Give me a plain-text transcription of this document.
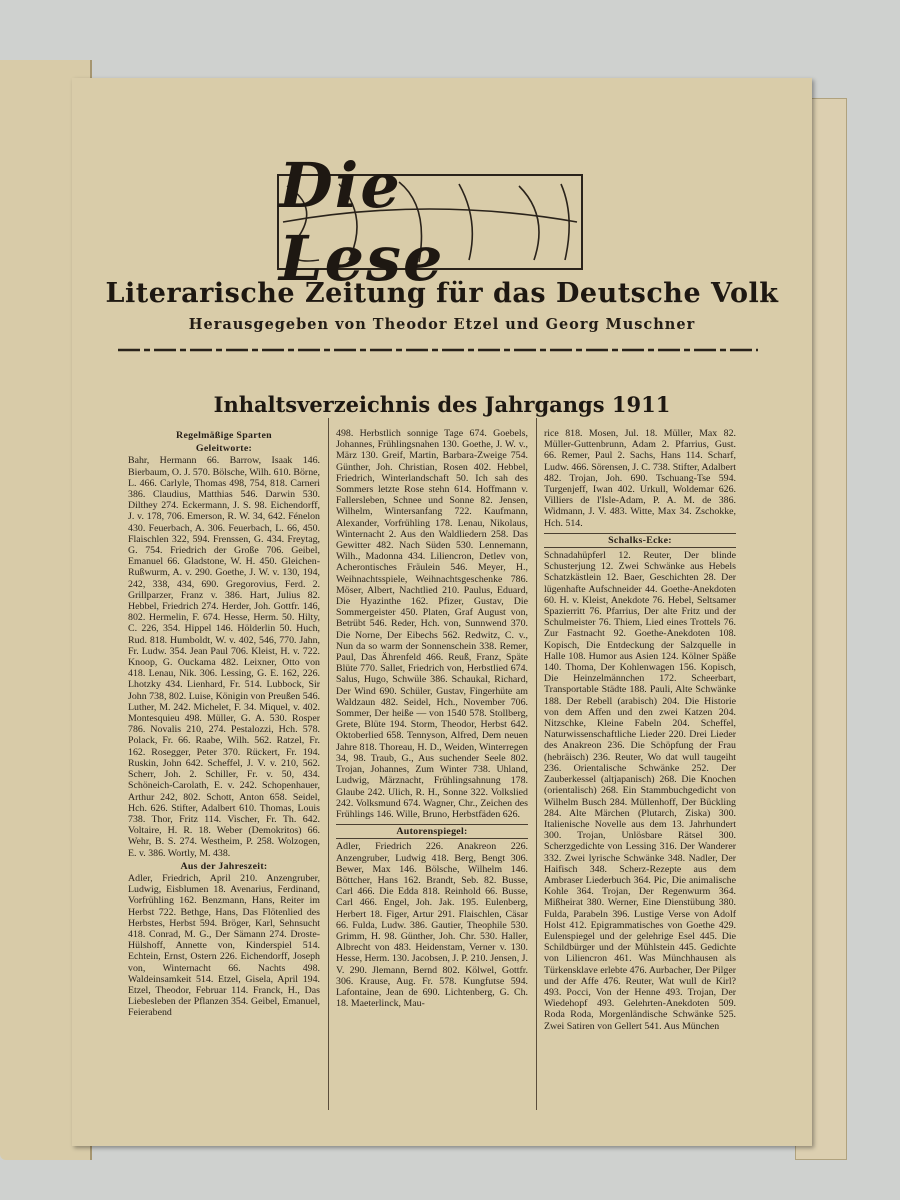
Die Lese
Literarische Zeitung für das Deutsche Volk
Herausgegeben von Theodor Etzel und Georg Muschner
Inhaltsverzeichnis des Jahrgangs 1911

Regelmäßige Sparten

Geleitworte:

Bahr, Hermann 66. Barrow, Isaak 146. Bierbaum, O. J. 570. Bölsche, Wilh. 610. Börne, L. 466. Carlyle, Thomas 498, 754, 818. Carneri 386. Claudius, Matthias 546. Darwin 530. Dilthey 274. Eckermann, J. S. 98. Eichendorff, J. v. 178, 706. Emerson, R. W. 34, 642. Fénelon 430. Feuerbach, A. 306. Feuerbach, L. 66, 450. Flaischlen 322, 594. Frenssen, G. 434. Freytag, G. 754. Friedrich der Große 706. Geibel, Emanuel 66. Gladstone, W. H. 450. Gleichen-Rußwurm, A. v. 290. Goethe, J. W. v. 130, 194, 242, 338, 434, 690. Gregorovius, Ferd. 2. Grillparzer, Franz v. 386. Hart, Julius 82. Hebbel, Friedrich 274. Herder, Joh. Gottfr. 146, 802. Hermelin, F. 674. Hesse, Herm. 50. Hilty, C. 226, 354. Hippel 146. Hölderlin 50. Huch, Rud. 818. Humboldt, W. v. 402, 546, 770. Jahn, Fr. Ludw. 354. Jean Paul 706. Kleist, H. v. 722. Knoop, G. Ouckama 482. Leixner, Otto von 418. Lenau, Nik. 306. Lessing, G. E. 162, 226. Lhotzky 434. Lienhard, Fr. 514. Lubbock, Sir John 738, 802. Luise, Königin von Preußen 546. Luther, M. 242. Michelet, F. 34. Miquel, v. 402. Montesquieu 498. Müller, G. A. 530. Rosper 786. Novalis 210, 274. Pestalozzi, Hch. 578. Polack, Fr. 66. Raabe, Wilh. 562. Ratzel, Fr. 162. Rosegger, Peter 370. Rückert, Fr. 194. Ruskin, John 642. Scheffel, J. V. v. 210, 562. Scherr, Joh. 2. Schiller, Fr. v. 50, 434. Schöneich-Carolath, E. v. 242. Schopenhauer, Arthur 242, 802. Schott, Anton 658. Seidel, Hch. 626. Stifter, Adalbert 610. Thomas, Louis 738. Thor, Fritz 114. Vischer, Fr. Th. 642. Voltaire, H. R. 18. Weber (Demokritos) 66. Wehr, B. S. 274. Westheim, P. 258. Wolzogen, E. v. 386. Wortly, M. 438.

Aus der Jahreszeit:

Adler, Friedrich, April 210. Anzengruber, Ludwig, Eisblumen 18. Avenarius, Ferdinand, Vorfrühling 162. Benzmann, Hans, Reiter im Herbst 722. Bethge, Hans, Das Flötenlied des Herbstes, Herbst 594. Bröger, Karl, Sehnsucht 418. Conrad, M. G., Der Sämann 274. Droste-Hülshoff, Annette von, Kinderspiel 514. Echtein, Ernst, Ostern 226. Eichendorff, Joseph von, Winternacht 66. Nachts 498. Waldeinsamkeit 514. Etzel, Gisela, April 194. Etzel, Theodor, Februar 114. Franck, H., Das Liebesleben der Pflanzen 354. Geibel, Emanuel, Feierabend

498. Herbstlich sonnige Tage 674. Goebels, Johannes, Frühlingsnahen 130. Goethe, J. W. v., März 130. Greif, Martin, Barbara-Zweige 754. Günther, Joh. Christian, Rosen 402. Hebbel, Friedrich, Winterlandschaft 50. Ich sah des Sommers letzte Rose stehn 614. Hoffmann v. Fallersleben, Schnee und Sonne 82. Jensen, Wilhelm, Wintersanfang 722. Kaufmann, Alexander, Vorfrühling 178. Lenau, Nikolaus, Winternacht 2. Aus den Waldliedern 258. Das Gewitter 482. Nach Süden 530. Lennemann, Wilh., Madonna 434. Liliencron, Detlev von, Acherontisches Fräulein 546. Meyer, H., Weihnachtsspiele, Weihnachtsgeschenke 786. Möser, Albert, Nachtlied 210. Paulus, Eduard, Die Hyazinthe 162. Pfizer, Gustav, Die Sommergeister 450. Platen, Graf August von, Betrübt 546. Reder, Hch. von, Sunnwend 370. Die Norne, Der Eibechs 562. Redwitz, C. v., Nun da so warm der Sonnenschein 338. Remer, Paul, Das Ährenfeld 466. Reuß, Franz, Späte Blüte 770. Sallet, Friedrich von, Herbstlied 674. Salus, Hugo, Schwüle 386. Schaukal, Richard, Der Wind 690. Schüler, Gustav, Fingerhüte am Waldzaun 482. Seidel, Hch., November 706. Sommer, Der heiße — von 1540 578. Stollberg, Grete, Blüte 194. Storm, Theodor, Herbst 642. Oktoberlied 658. Tennyson, Alfred, Dem neuen Jahre 818. Thoreau, H. D., Weiden, Winterregen 34, 98. Traub, G., Aus suchender Seele 802. Trojan, Johannes, Zum Winter 738. Uhland, Ludwig, Märznacht, Frühlingsahnung 178. Glaube 242. Ulich, R. H., Sonne 322. Volkslied 242. Volksmund 674. Wagner, Chr., Zeichen des Frühlings 146. Wille, Bruno, Herbstfäden 626.

Autorenspiegel:

Adler, Friedrich 226. Anakreon 226. Anzengruber, Ludwig 418. Berg, Bengt 306. Bewer, Max 146. Bölsche, Wilhelm 146. Böttcher, Hans 162. Brandt, Seb. 82. Busse, Carl 466. Die Edda 818. Reinhold 66. Busse, Carl 466. Engel, Joh. Jak. 195. Eulenberg, Herbert 18. Figer, Artur 291. Flaischlen, Cäsar 66. Fulda, Ludw. 386. Gautier, Theophile 530. Grimm, H. 98. Günther, Joh. Chr. 530. Haller, Albrecht von 483. Heidenstam, Verner v. 130. Hesse, Herm. 130. Jacobsen, J. P. 210. Jensen, J. V. 290. Jlemann, Bernd 802. Kölwel, Gottfr. 306. Krause, Aug. Fr. 578. Kungfutse 594. Lafontaine, Jean de 690. Lichtenberg, G. Ch. 18. Maeterlinck, Mau-

rice 818. Mosen, Jul. 18. Müller, Max 82. Müller-Guttenbrunn, Adam 2. Pfarrius, Gust. 66. Remer, Paul 2. Sachs, Hans 114. Scharf, Ludw. 466. Sörensen, J. C. 738. Stifter, Adalbert 482. Trojan, Joh. 690. Tschuang-Tse 594. Turgenjeff, Iwan 402. Urkull, Woldemar 626. Villiers de l'Isle-Adam, P. A. M. de 386. Widmann, J. V. 483. Witte, Max 34. Zschokke, Hch. 514.

Schalks-Ecke:

Schnadahüpferl 12. Reuter, Der blinde Schusterjung 12. Zwei Schwänke aus Hebels Schatzkästlein 12. Baer, Geschichten 28. Der lügenhafte Aufschneider 44. Goethe-Anekdoten 60. H. v. Kleist, Anekdote 76. Hebel, Seltsamer Spazierritt 76. Pfarrius, Der alte Fritz und der Schulmeister 76. Thiem, Lied eines Trottels 76. Zur Fastnacht 92. Goethe-Anekdoten 108. Kopisch, Die Entdeckung der Salzquelle in Halle 108. Humor aus Asien 124. Kölner Späße 140. Thoma, Der Kohlenwagen 156. Kopisch, Die Heinzelmännchen 172. Scheerbart, Transportable Städte 188. Pauli, Alte Schwänke 188. Der Rebell (arabisch) 204. Die Historie von dem Affen und den zwei Katzen 204. Nitzschke, Kleine Fabeln 204. Scheffel, Naturwissenschaftliche Lieder 220. Drei Lieder des Anakreon 236. Die Schöpfung der Frau (hebräisch) 236. Reuter, Wo dat wull taugeiht 236. Orientalische Schwänke 252. Der Zauberkessel (altjapanisch) 268. Die Knochen (orientalisch) 268. Ein Stammbuchgedicht von Wilhelm Busch 284. Müllenhoff, Der Bückling 284. Alte Märchen (Plutarch, Ziska) 300. Italienische Novelle aus dem 13. Jahrhundert 300. Trojan, Unlösbare Rätsel 300. Scherzgedichte von Lessing 316. Der Wanderer 332. Zwei lyrische Schwänke 348. Nadler, Der Haifisch 348. Scherz-Rezepte aus dem Ambraser Liederbuch 364. Pic, Die animalische Kohle 364. Trojan, Der Regenwurm 364. Mißheirat 380. Werner, Eine Dienstübung 380. Fulda, Parabeln 396. Lustige Verse von Adolf Holst 412. Epigrammatisches von Goethe 429. Eulenspiegel und der gelehrige Esel 445. Die Schildbürger und der Mühlstein 445. Gedichte von Liliencron 461. Was Münchhausen als Türkensklave erlebte 476. Aurbacher, Der Pilger und der Affe 476. Reuter, Wat wull de Kirl? 493. Pocci, Von der Henne 493. Trojan, Der Wiedehopf 493. Gelehrten-Anekdoten 509. Roda Roda, Morgenländische Schwänke 525. Zwei Satiren von Gellert 541. Aus München
